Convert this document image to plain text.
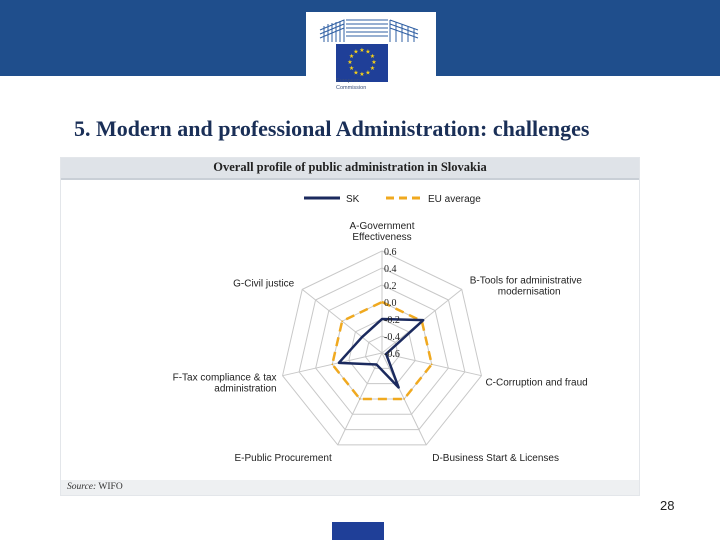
★ ★
★
★
★
★
★
★
★
★
★
★
European
Commission
5. Modern and professional Administration: challenges
Overall profile of public administration in Slovakia
SK	EU average
0.6
0.4
0.2
0.0
-0.2
-0.4
-0.6
A-Government Effectiveness
B-Tools for administrative modernisation
C-Corruption and fraud
D-Business Start & Licenses
E-Public Procurement
F-Tax compliance & tax administration
G-Civil justice
Source: WIFO
28
